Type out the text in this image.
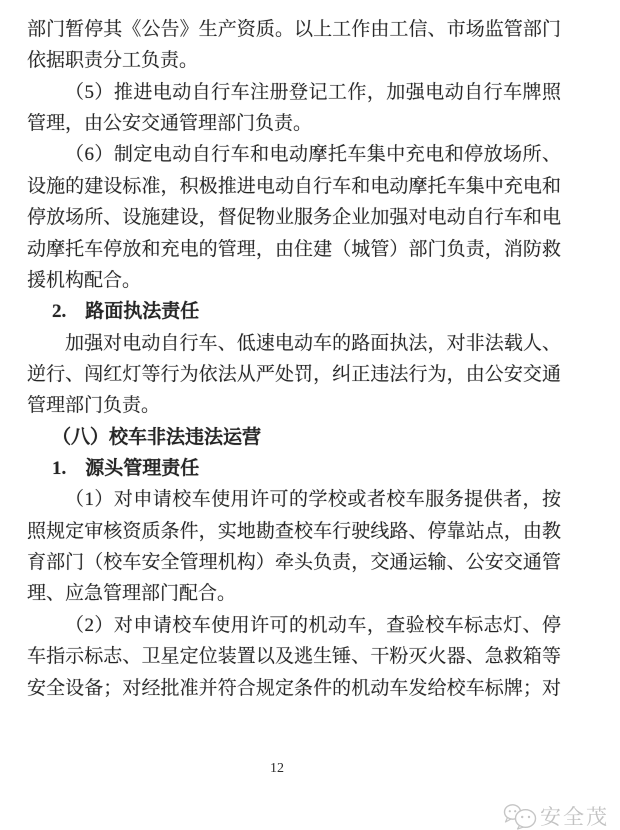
部门暂停其《公告》生产资质。以上工作由工信、市场监管部门
依据职责分工负责。
（5）推进电动自行车注册登记工作，加强电动自行车牌照
管理，由公安交通管理部门负责。
（6）制定电动自行车和电动摩托车集中充电和停放场所、
设施的建设标准，积极推进电动自行车和电动摩托车集中充电和
停放场所、设施建设，督促物业服务企业加强对电动自行车和电
动摩托车停放和充电的管理，由住建（城管）部门负责，消防救
援机构配合。
2.　路面执法责任
加强对电动自行车、低速电动车的路面执法，对非法载人、
逆行、闯红灯等行为依法从严处罚，纠正违法行为，由公安交通
管理部门负责。
（八）校车非法违法运营
1.　源头管理责任
（1）对申请校车使用许可的学校或者校车服务提供者，按
照规定审核资质条件，实地勘查校车行驶线路、停靠站点，由教
育部门（校车安全管理机构）牵头负责，交通运输、公安交通管
理、应急管理部门配合。
（2）对申请校车使用许可的机动车，查验校车标志灯、停
车指示标志、卫星定位装置以及逃生锤、干粉灭火器、急救箱等
安全设备；对经批准并符合规定条件的机动车发给校车标牌；对
12
安全茂
